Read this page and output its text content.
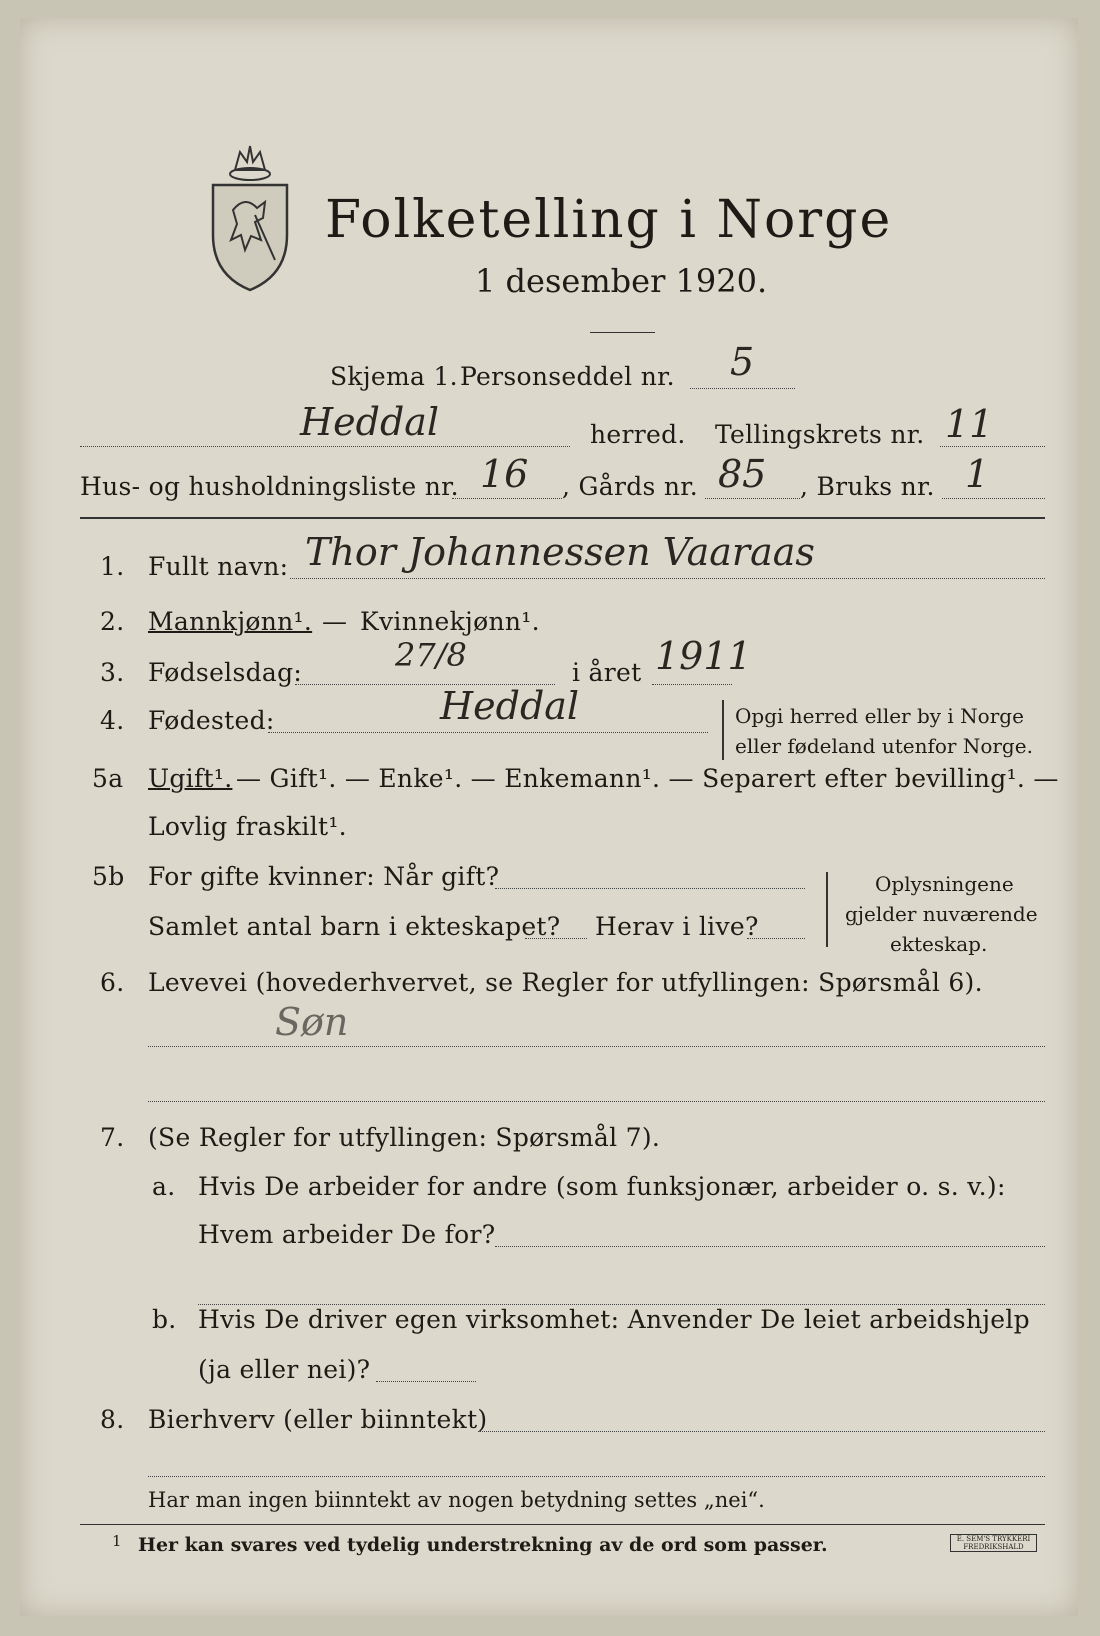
Folketelling i Norge
1 desember 1920.
Skjema 1. Personseddel nr. 5
Heddal	herred. Tellingskrets nr. 11
Hus- og husholdningsliste nr. 16 , Gårds nr. 85 , Bruks nr. 1
1. Fullt navn: Thor Johannessen Vaaraas
2. Mannkjønn¹. — Kvinnekjønn¹.
3. Fødselsdag:	27/8	i året 1911
4. Fødested:	Heddal	Opgi herred eller by i Norge
eller fødeland utenfor Norge.
5a Ugift¹. — Gift¹. — Enke¹. — Enkemann¹. — Separert efter bevilling¹. —
Lovlig fraskilt¹.
5b For gifte kvinner: Når gift?
Samlet antal barn i ekteskapet? Herav i live?
Oplysningene
gjelder nuværende
ekteskap.
6. Levevei (hovederhvervet, se Regler for utfyllingen: Spørsmål 6).
Søn
7. (Se Regler for utfyllingen: Spørsmål 7).
a. Hvis De arbeider for andre (som funksjonær, arbeider o. s. v.):
Hvem arbeider De for?
b. Hvis De driver egen virksomhet: Anvender De leiet arbeidshjelp
(ja eller nei)?
8. Bierhverv (eller biinntekt)
Har man ingen biinntekt av nogen betydning settes „nei“.
1 Her kan svares ved tydelig understrekning av de ord som passer.	E. SEM'S TRYKKERI FREDRIKSHALD
